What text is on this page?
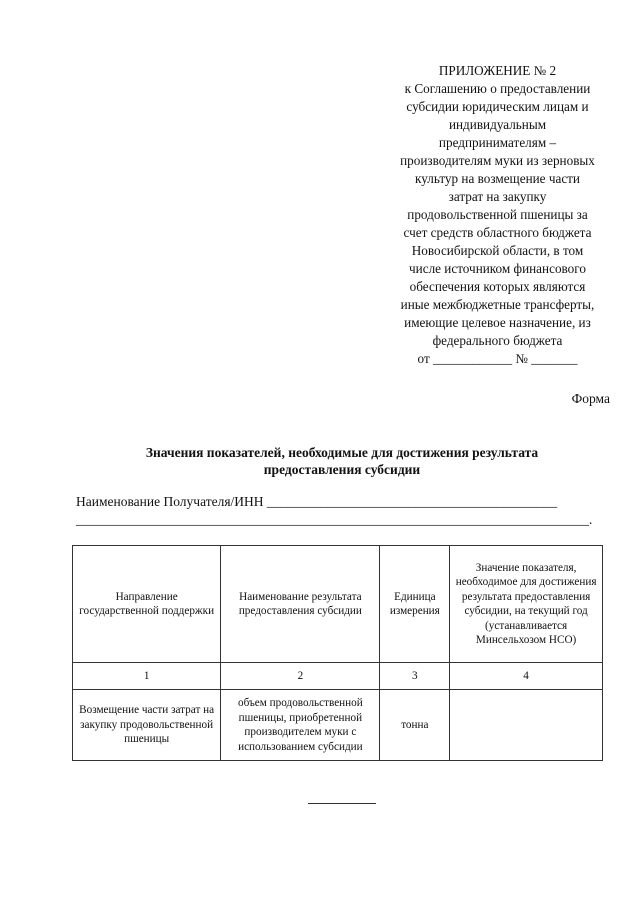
ПРИЛОЖЕНИЕ № 2
к Соглашению о предоставлении
субсидии юридическим лицам и
индивидуальным
предпринимателям –
производителям муки из зерновых
культур на возмещение части
затрат на закупку
продовольственной пшеницы за
счет средств областного бюджета
Новосибирской области, в том
числе источником финансового
обеспечения которых являются
иные межбюджетные трансферты,
имеющие целевое назначение, из
федерального бюджета
от ____________ № _______
Форма
Значения показателей, необходимые для достижения результата
предоставления субсидии
Наименование Получателя/ИНН ___________________________________________
____________________________________________________________________________.
Направление государственной поддержки	Наименование результата предоставления субсидии	Единица измерения	Значение показателя, необходимое для достижения результата предоставления субсидии, на текущий год (устанавливается Минсельхозом НСО)
1	2	3	4
Возмещение части затрат на закупку продовольственной пшеницы	объем продовольственной пшеницы, приобретенной производителем муки с использованием субсидии	тонна	
